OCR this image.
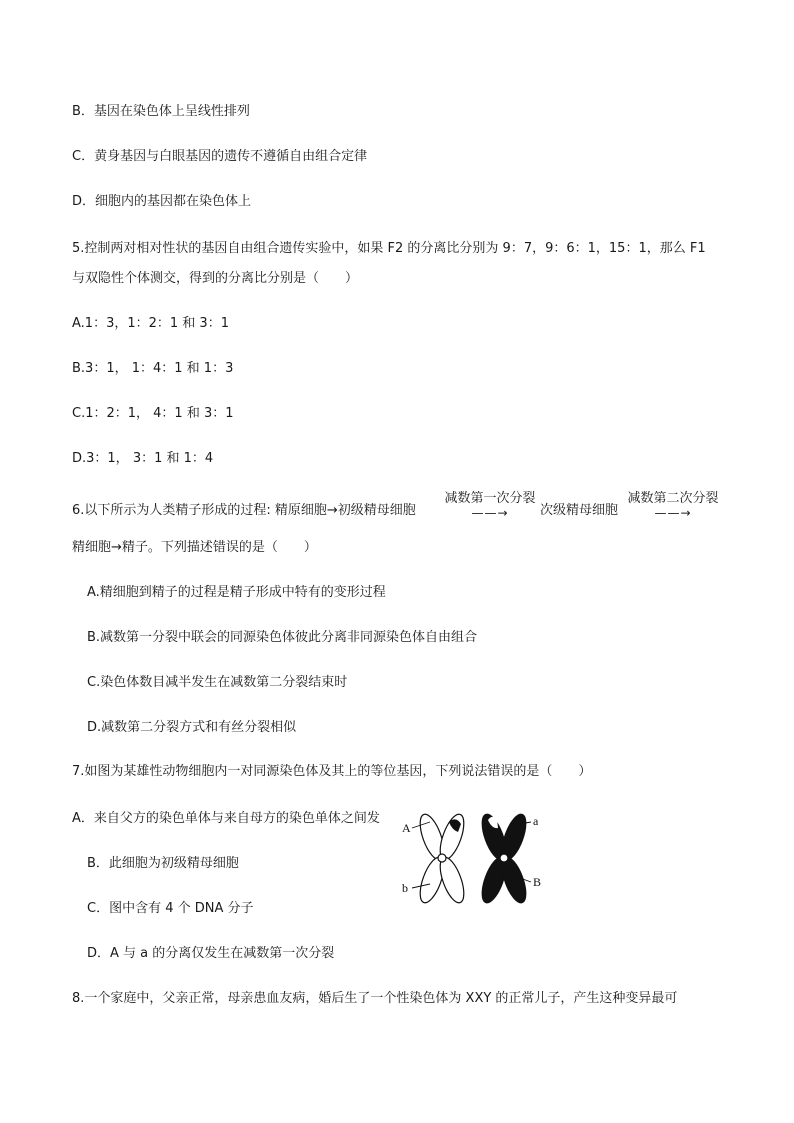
B．基因在染色体上呈线性排列
C．黄身基因与白眼基因的遗传不遵循自由组合定律
D．细胞内的基因都在染色体上
5.控制两对相对性状的基因自由组合遗传实验中，如果 F2 的分离比分别为 9：7，9：6：1，15：1，那么 F1
与双隐性个体测交，得到的分离比分别是（　　）
A.1：3，1：2：1 和 3：1
B.3：1， 1：4：1 和 1：3
C.1：2：1， 4：1 和 3：1
D.3：1， 3：1 和 1：4
6.以下所示为人类精子形成的过程: 精原细胞→初级精母细胞
减数第一次分裂
——→	次级精母细胞
减数第二次分裂
——→
精细胞→精子。下列描述错误的是（　　）
A.精细胞到精子的过程是精子形成中特有的变形过程
B.减数第一分裂中联会的同源染色体彼此分离非同源染色体自由组合
C.染色体数目减半发生在减数第二分裂结束时
D.减数第二分裂方式和有丝分裂相似
7.如图为某雄性动物细胞内一对同源染色体及其上的等位基因，下列说法错误的是（　　）
A．来自父方的染色单体与来自母方的染色单体之间发
B．此细胞为初级精母细胞
C．图中含有 4 个 DNA 分子
D．A 与 a 的分离仅发生在减数第一次分裂
A	a
b	B
8.一个家庭中，父亲正常，母亲患血友病，婚后生了一个性染色体为 XXY 的正常儿子，产生这种变异最可
